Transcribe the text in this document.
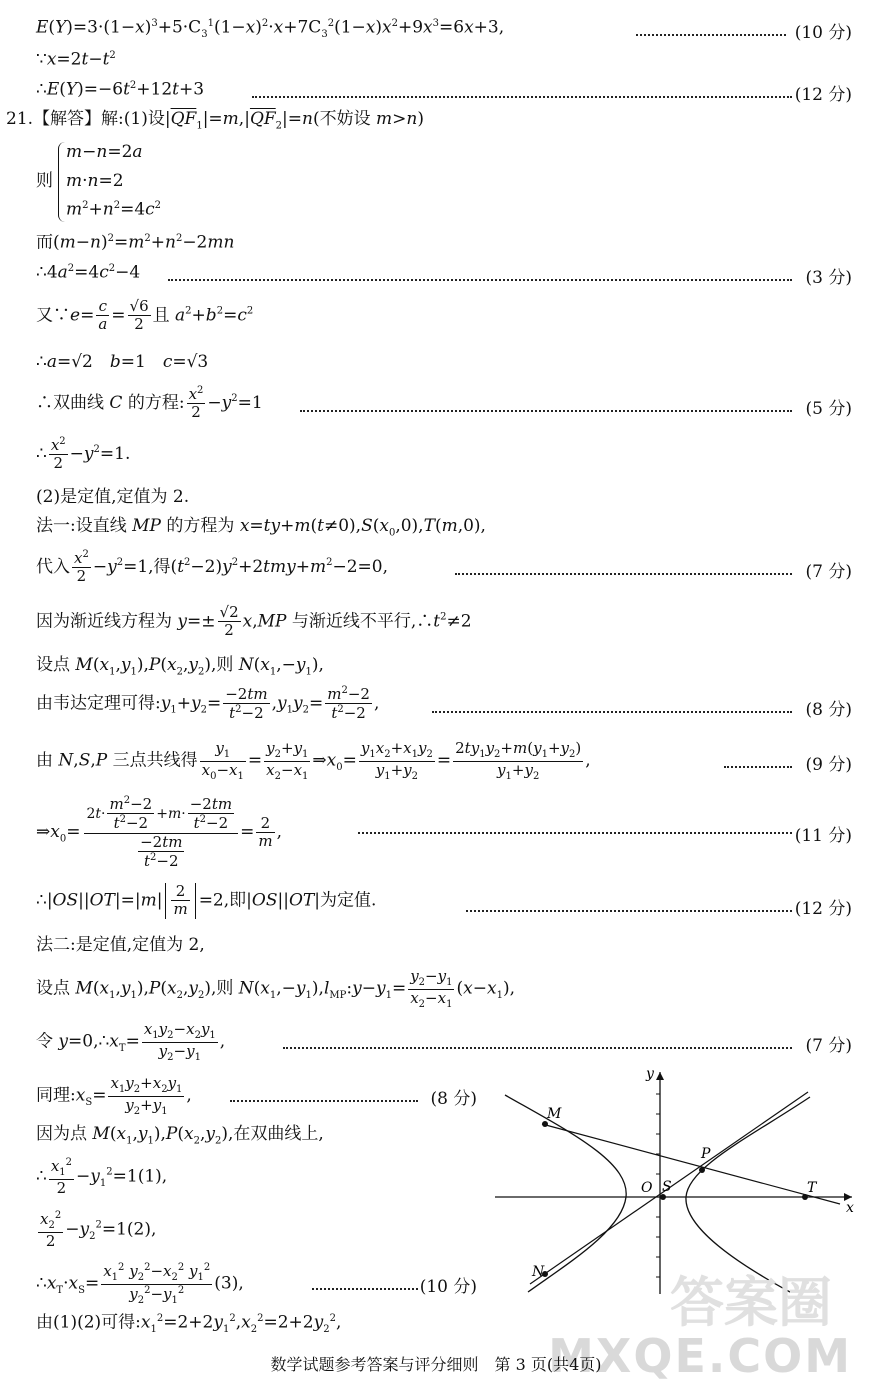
$E(Y)=3\cdot(1-x)^3+5\cdot C_3^1(1-x)^2\cdot x+7C_3^2(1-x)x^2+9x^3=6x+3$,	(10 分)
$\because x=2t-t^2$
$\therefore E(Y)=-6t^2+12t+3$	(12 分)
21.【解答】解:(1)设$|\overline{QF}_1|=m,|\overline{QF}_2|=n$(不妨设 m>n)
则
m−n=2a
m·n=2
$m^2+n^2=4c^2$
而$(m-n)^2=m^2+n^2-2mn$
$\therefore 4a^2=4c^2-4$	(3 分)
又∵e= $\frac{c}{a} = \frac{√6}{2}$ 且 $a^2+b^2=c^2$
∴a=√2　b=1　c=√3
∴双曲线 C 的方程: $\frac{x^2}{2} -y^2=1$	(5 分)
∴ $\frac{x^2}{2} -y^2=1$.
(2)是定值,定值为 2.
法一:设直线 MP 的方程为 $x=ty+m(t\ne 0),S(x_0,0),T(m,0)$,
代入 $\frac{x^2}{2} -y^2=1$,得$(t^2-2)y^2+2tmy+m^2-2=0$,	(7 分)
因为渐近线方程为 $y=\pm \frac{√2}{2} x,MP$ 与渐近线不平行$,\therefore t^2\ne 2$
设点 $M(x_1,y_1),P(x_2,y_2)$,则 $N(x_1,-y_1)$,
由韦达定理可得$:y_1+y_2= \frac{-2tm}{t^2-2} ,y_1y_2= \frac{m^2-2}{t^2-2}$ ,	(8 分)
由 N,S,P 三点共线得 $\frac{y_1}{x_0-x_1} = \frac{y_2+y_1}{x_2-x_1}$ $\Rightarrow x_0= \frac{y_1x_2+x_1y_2}{y_1+y_2} = \frac{2ty_1y_2+m(y_1+y_2)}{y_1+y_2}$ ,	(9 分)
$\Rightarrow x_0= \frac{2t\cdot \frac{m^2-2}{t^2-2} +m\cdot \frac{-2tm}{t^2-2}}{\frac{-2tm}{t^2-2}} = \frac{2}{m}$ ,	(11 分)
∴|OS||OT|=|m| $\frac{2}{m} =2$,即|OS||OT|为定值.	(12 分)
法二:是定值,定值为 2,
设点 $M(x_1,y_1),P(x_2,y_2)$,则 $N(x_1,-y_1),l_{MP}:y-y_1= \frac{y_2-y_1}{x_2-x_1} (x-x_1)$,
令 $y=0,\therefore x_T= \frac{x_1y_2-x_2y_1}{y_2-y_1}$ ,	(7 分)
同理$:x_S= \frac{x_1y_2+x_2y_1}{y_2+y_1}$ ,	(8 分)
因为点 $M(x_1,y_1),P(x_2,y_2)$,在双曲线上,
∴ $\frac{x_1^2}{2} -y_1^2=1(1)$,
$\frac{x_2^2}{2} -y_2^2=1(2)$,
$\therefore x_T\cdot x_S= \frac{x_1^2 y_2^2-x_2^2 y_1^2}{y_2^2-y_1^2} (3)$,	(10 分)
由(1)(2)可得$:x_1^2=2+2y_1^2,x_2^2=2+2y_2^2$,
y
x
O S	T
M
N
P
答案圈
MXQE.COM
数学试题参考答案与评分细则　第 3 页(共4页)
